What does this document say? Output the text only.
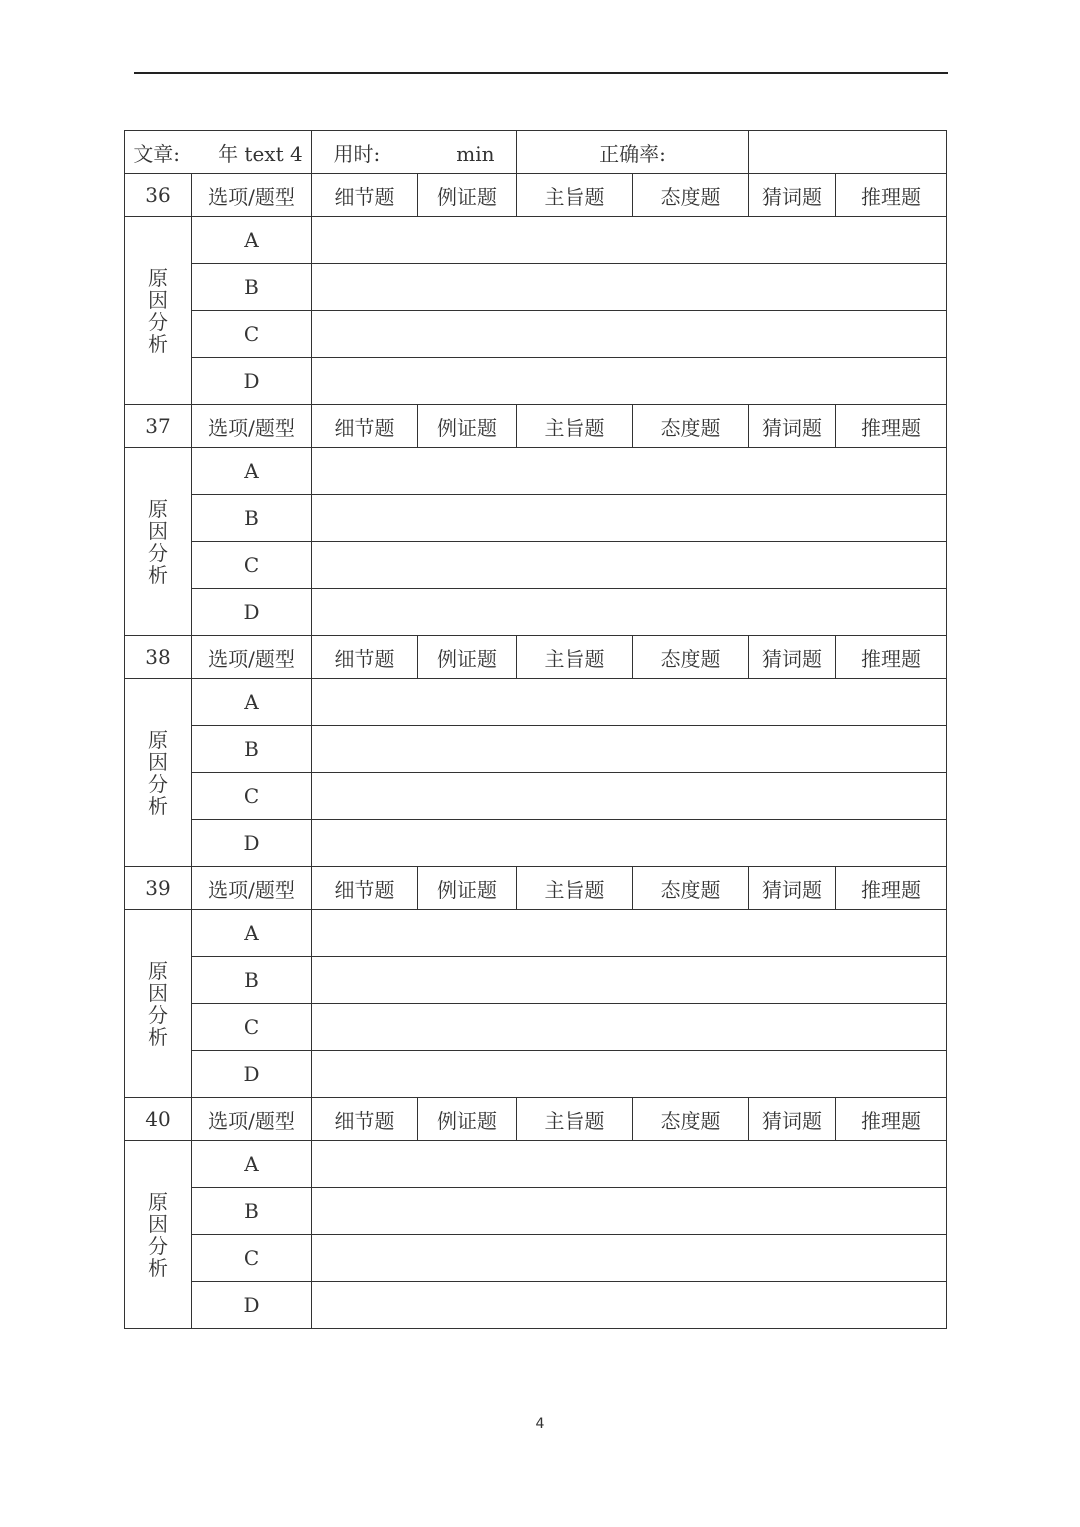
文章: 年 text 4		用时: min		正确率:			
36	选项/题型	细节题	例证题	主旨题	态度题	猜词题	推理题
原因分析	A						
	B						
	C						
	D						
37	选项/题型	细节题	例证题	主旨题	态度题	猜词题	推理题
原因分析	A						
	B						
	C						
	D						
38	选项/题型	细节题	例证题	主旨题	态度题	猜词题	推理题
原因分析	A						
	B						
	C						
	D						
39	选项/题型	细节题	例证题	主旨题	态度题	猜词题	推理题
原因分析	A						
	B						
	C						
	D						
40	选项/题型	细节题	例证题	主旨题	态度题	猜词题	推理题
原因分析	A						
	B						
	C						
	D						
4
